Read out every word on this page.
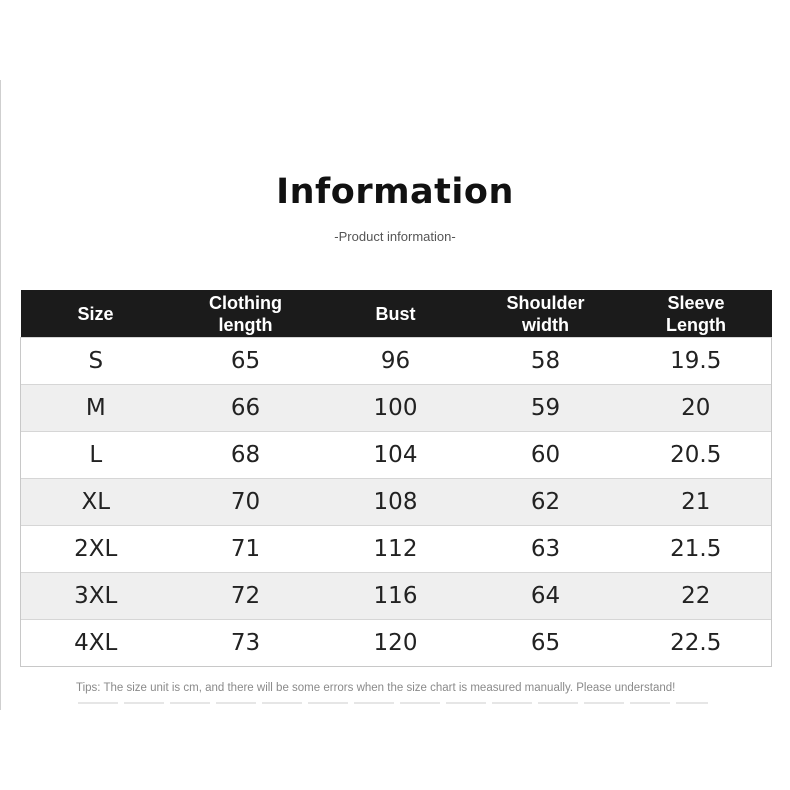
Information
-Product information-
Size	Clothing length	Bust	Shoulder width	Sleeve Length
S	65	96	58	19.5
M	66	100	59	20
L	68	104	60	20.5
XL	70	108	62	21
2XL	71	112	63	21.5
3XL	72	116	64	22
4XL	73	120	65	22.5
Tips: The size unit is cm, and there will be some errors when the size chart is measured manually. Please understand!
